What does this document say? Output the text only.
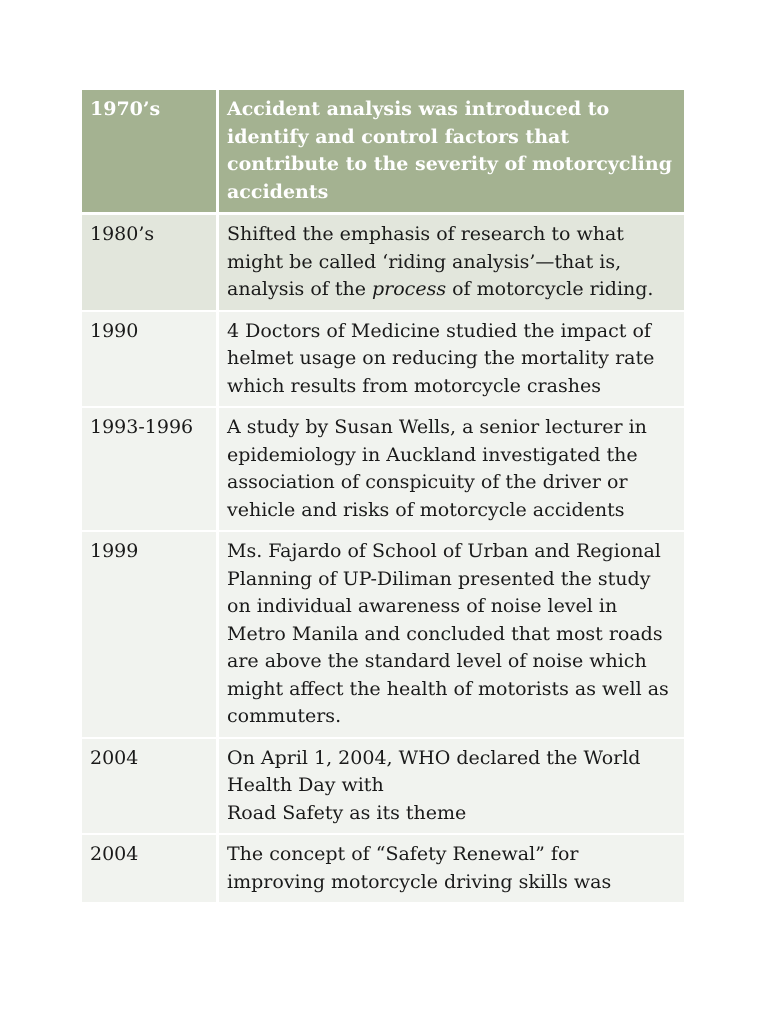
1970’s	Accident analysis was introduced to identify and control factors that contribute to the severity of motorcycling accidents
1980’s	Shifted the emphasis of research to what might be called ‘riding analysis’—that is, analysis of the process of motorcycle riding.
1990	4 Doctors of Medicine studied the impact of helmet usage on reducing the mortality rate which results from motorcycle crashes
1993-1996	A study by Susan Wells, a senior lecturer in epidemiology in Auckland investigated the association of conspicuity of the driver or vehicle and risks of motorcycle accidents
1999	Ms. Fajardo of School of Urban and Regional Planning of UP-Diliman presented the study on individual awareness of noise level in Metro Manila and concluded that most roads are above the standard level of noise which might affect the health of motorists as well as commuters.
2004	On April 1, 2004, WHO declared the World Health Day with
Road Safety as its theme
2004	The concept of “Safety Renewal” for improving motorcycle driving skills was
